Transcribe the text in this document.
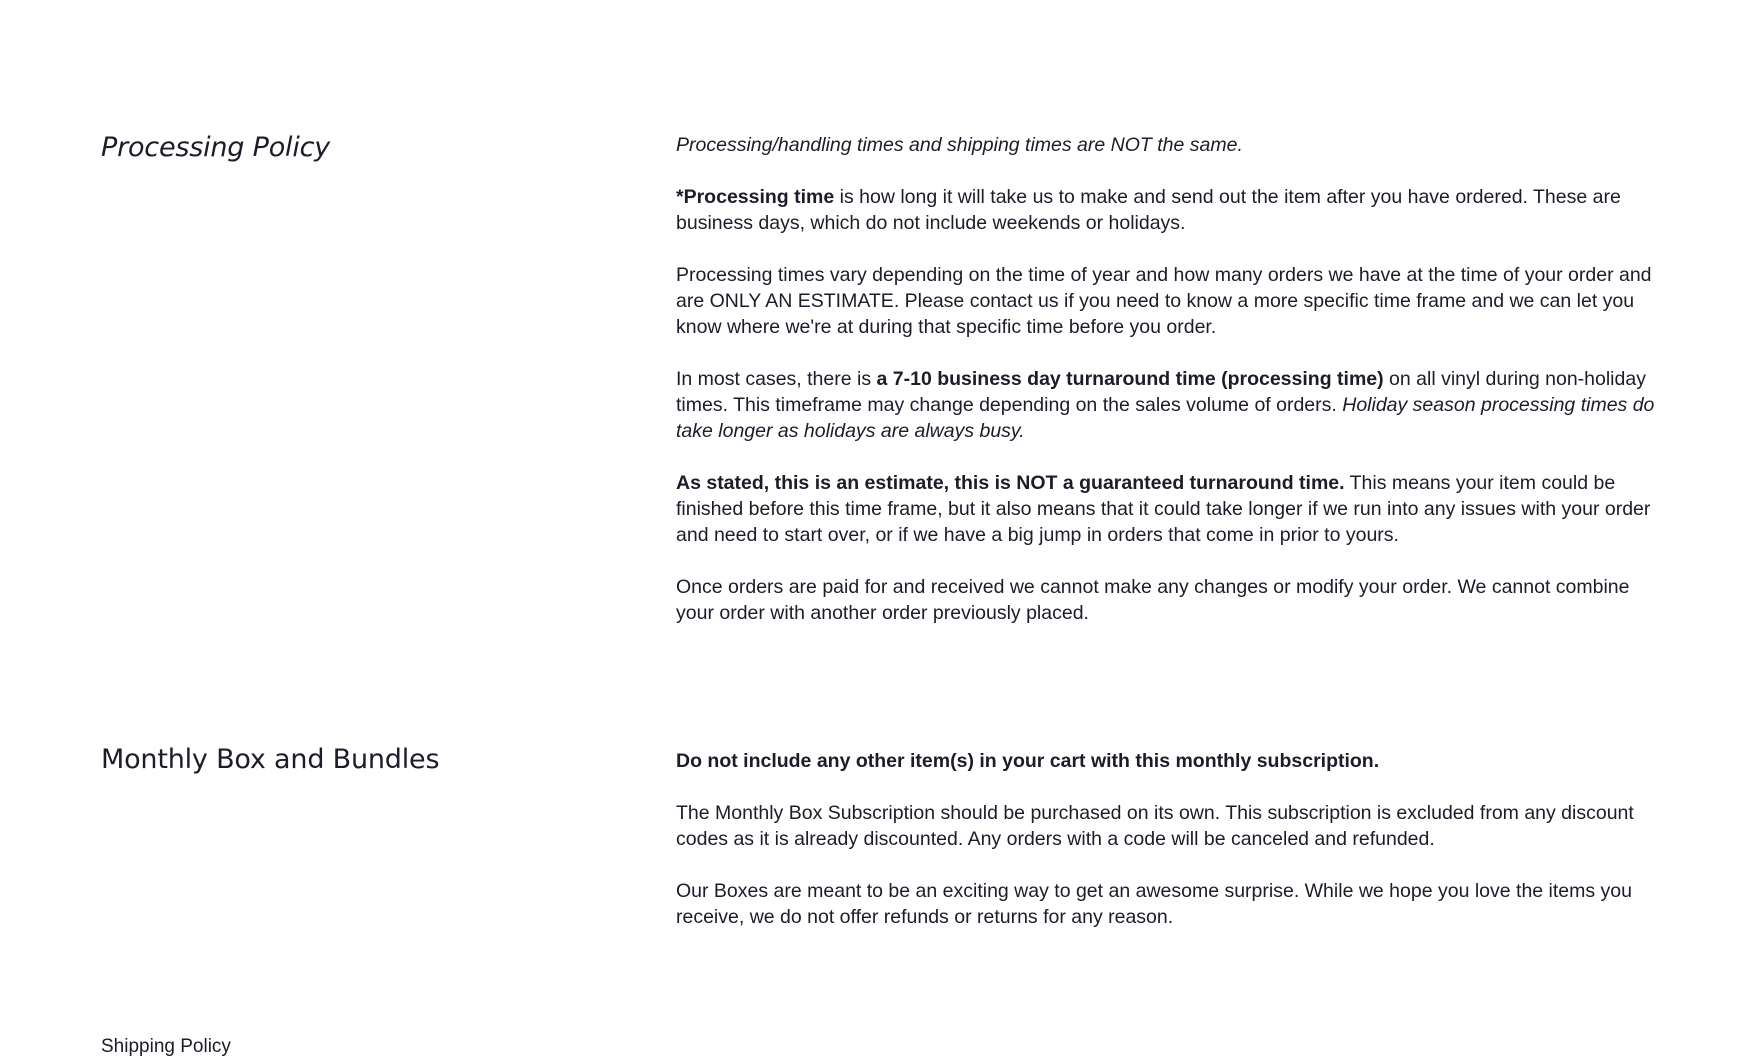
Processing Policy	Processing/handling times and shipping times are NOT the same.

*Processing time is how long it will take us to make and send out the item after you have ordered. These are business days, which do not include weekends or holidays.

Processing times vary depending on the time of year and how many orders we have at the time of your order and are ONLY AN ESTIMATE. Please contact us if you need to know a more specific time frame and we can let you know where we're at during that specific time before you order.

In most cases, there is a 7-10 business day turnaround time (processing time) on all vinyl during non-holiday times. This timeframe may change depending on the sales volume of orders. Holiday season processing times do take longer as holidays are always busy.

As stated, this is an estimate, this is NOT a guaranteed turnaround time. This means your item could be finished before this time frame, but it also means that it could take longer if we run into any issues with your order and need to start over, or if we have a big jump in orders that come in prior to yours.

Once orders are paid for and received we cannot make any changes or modify your order. We cannot combine your order with another order previously placed.

Monthly Box and Bundles	Do not include any other item(s) in your cart with this monthly subscription.

The Monthly Box Subscription should be purchased on its own. This subscription is excluded from any discount codes as it is already discounted. Any orders with a code will be canceled and refunded.

Our Boxes are meant to be an exciting way to get an awesome surprise. While we hope you love the items you receive, we do not offer refunds or returns for any reason.

Shipping Policy
